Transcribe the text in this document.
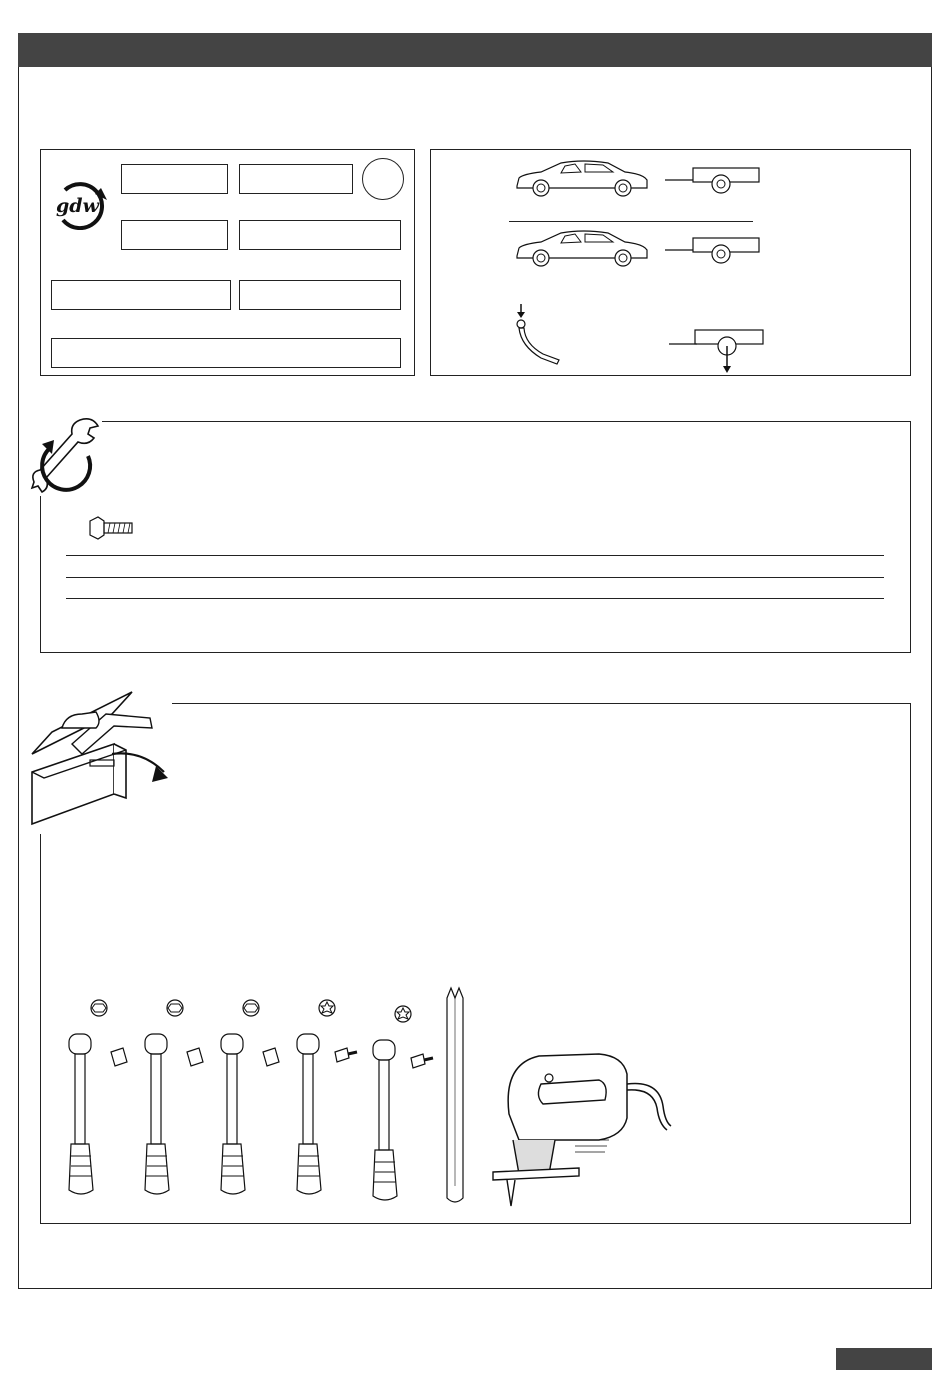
gdw
